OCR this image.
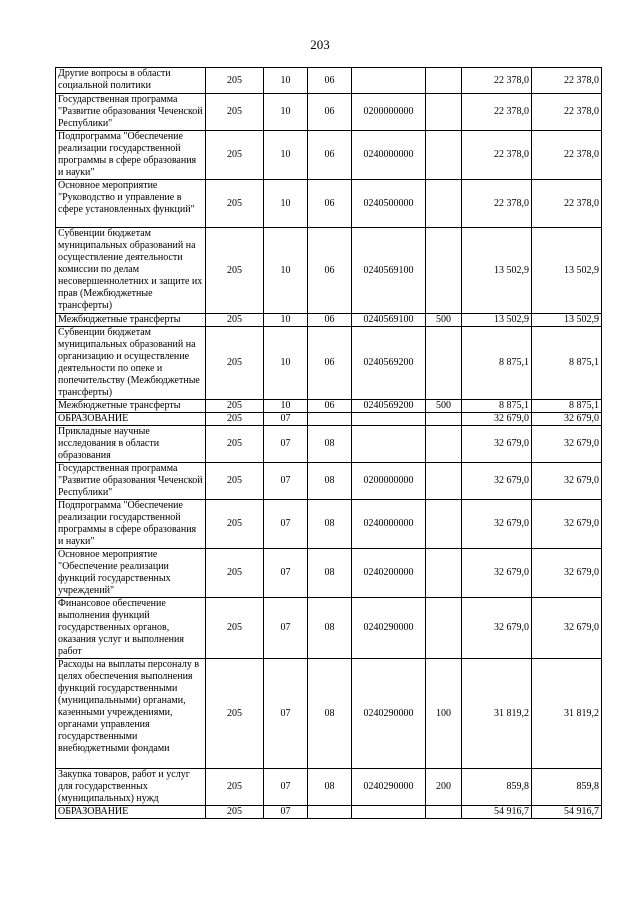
203
Другие вопросы в области социальной политики	205	10	06			22 378,0	22 378,0
Государственная программа "Развитие образования Чеченской Республики"	205	10	06	0200000000		22 378,0	22 378,0
Подпрограмма "Обеспечение реализации государственной программы в сфере образования и науки"	205	10	06	0240000000		22 378,0	22 378,0
Основное мероприятие "Руководство и управление в сфере установленных функций"	205	10	06	0240500000		22 378,0	22 378,0
Субвенции бюджетам муниципальных образований на осуществление деятельности комиссии по делам несовершеннолетних и защите их прав (Межбюджетные трансферты)	205	10	06	0240569100		13 502,9	13 502,9
Межбюджетные трансферты	205	10	06	0240569100	500	13 502,9	13 502,9
Субвенции бюджетам муниципальных образований на организацию и осуществление деятельности по опеке и попечительству (Межбюджетные трансферты)	205	10	06	0240569200		8 875,1	8 875,1
Межбюджетные трансферты	205	10	06	0240569200	500	8 875,1	8 875,1
ОБРАЗОВАНИЕ	205	07				32 679,0	32 679,0
Прикладные научные исследования в области образования	205	07	08			32 679,0	32 679,0
Государственная программа "Развитие образования Чеченской Республики"	205	07	08	0200000000		32 679,0	32 679,0
Подпрограмма "Обеспечение реализации государственной программы в сфере образования и науки"	205	07	08	0240000000		32 679,0	32 679,0
Основное мероприятие "Обеспечение реализации функций государственных учреждений"	205	07	08	0240200000		32 679,0	32 679,0
Финансовое обеспечение выполнения функций государственных органов, оказания услуг и выполнения работ	205	07	08	0240290000		32 679,0	32 679,0
Расходы на выплаты персоналу в целях обеспечения выполнения функций государственными (муниципальными) органами, казенными учреждениями, органами управления государственными внебюджетными фондами	205	07	08	0240290000	100	31 819,2	31 819,2
Закупка товаров, работ и услуг для государственных (муниципальных) нужд	205	07	08	0240290000	200	859,8	859,8
ОБРАЗОВАНИЕ	205	07				54 916,7	54 916,7
